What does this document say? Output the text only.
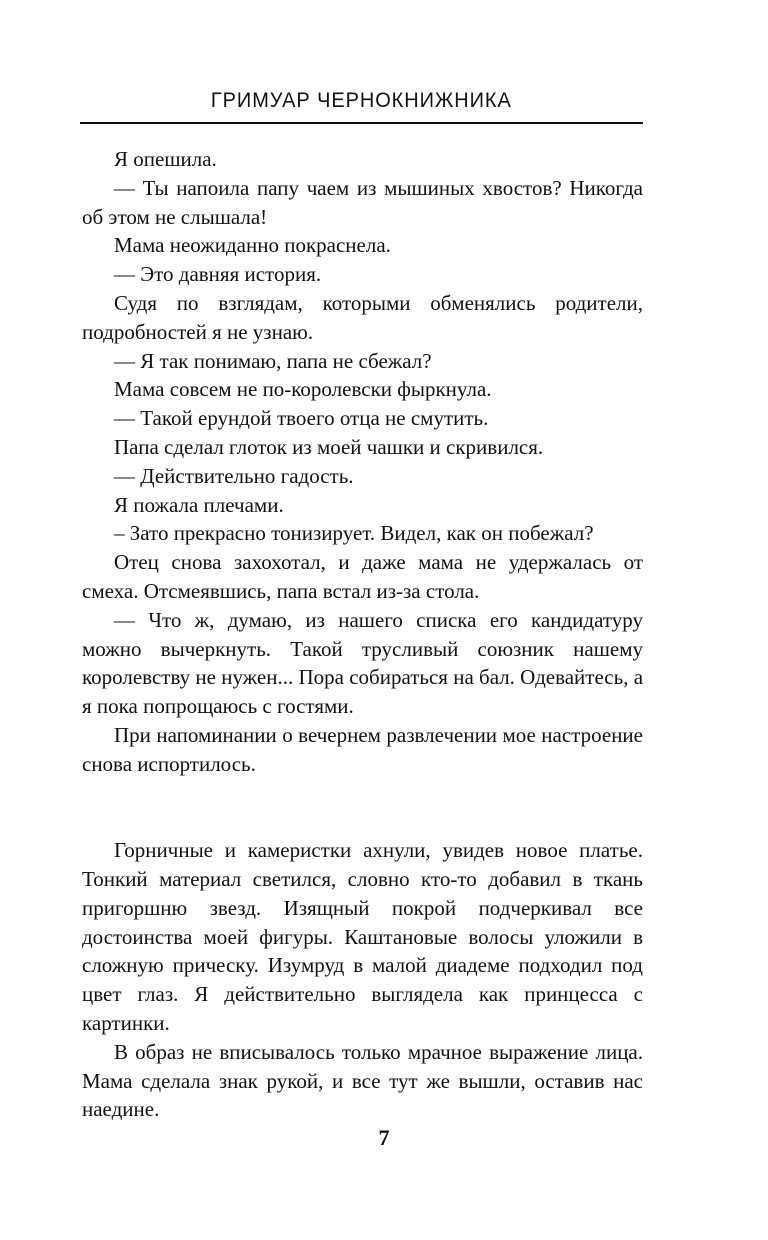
ГРИМУАР ЧЕРНОКНИЖНИКА

Я опешила.

— Ты напоила папу чаем из мышиных хвостов? Никогда об этом не слышала!

Мама неожиданно покраснела.

— Это давняя история.

Судя по взглядам, которыми обменялись родители, подробностей я не узнаю.

— Я так понимаю, папа не сбежал?

Мама совсем не по-королевски фыркнула.

— Такой ерундой твоего отца не смутить.

Папа сделал глоток из моей чашки и скривился.

— Действительно гадость.

Я пожала плечами.

– Зато прекрасно тонизирует. Видел, как он побежал?

Отец снова захохотал, и даже мама не удержалась от смеха. Отсмеявшись, папа встал из-за стола.

— Что ж, думаю, из нашего списка его кандидатуру можно вычеркнуть. Такой трусливый союзник нашему королевству не нужен... Пора собираться на бал. Одевайтесь, а я пока попрощаюсь с гостями.

При напоминании о вечернем развлечении мое настроение снова испортилось.

Горничные и камеристки ахнули, увидев новое платье. Тонкий материал светился, словно кто-то добавил в ткань пригоршню звезд. Изящный покрой подчеркивал все достоинства моей фигуры. Каштановые волосы уложили в сложную прическу. Изумруд в малой диадеме подходил под цвет глаз. Я действительно выглядела как принцесса с картинки.

В образ не вписывалось только мрачное выражение лица. Мама сделала знак рукой, и все тут же вышли, оставив нас наедине.

7
